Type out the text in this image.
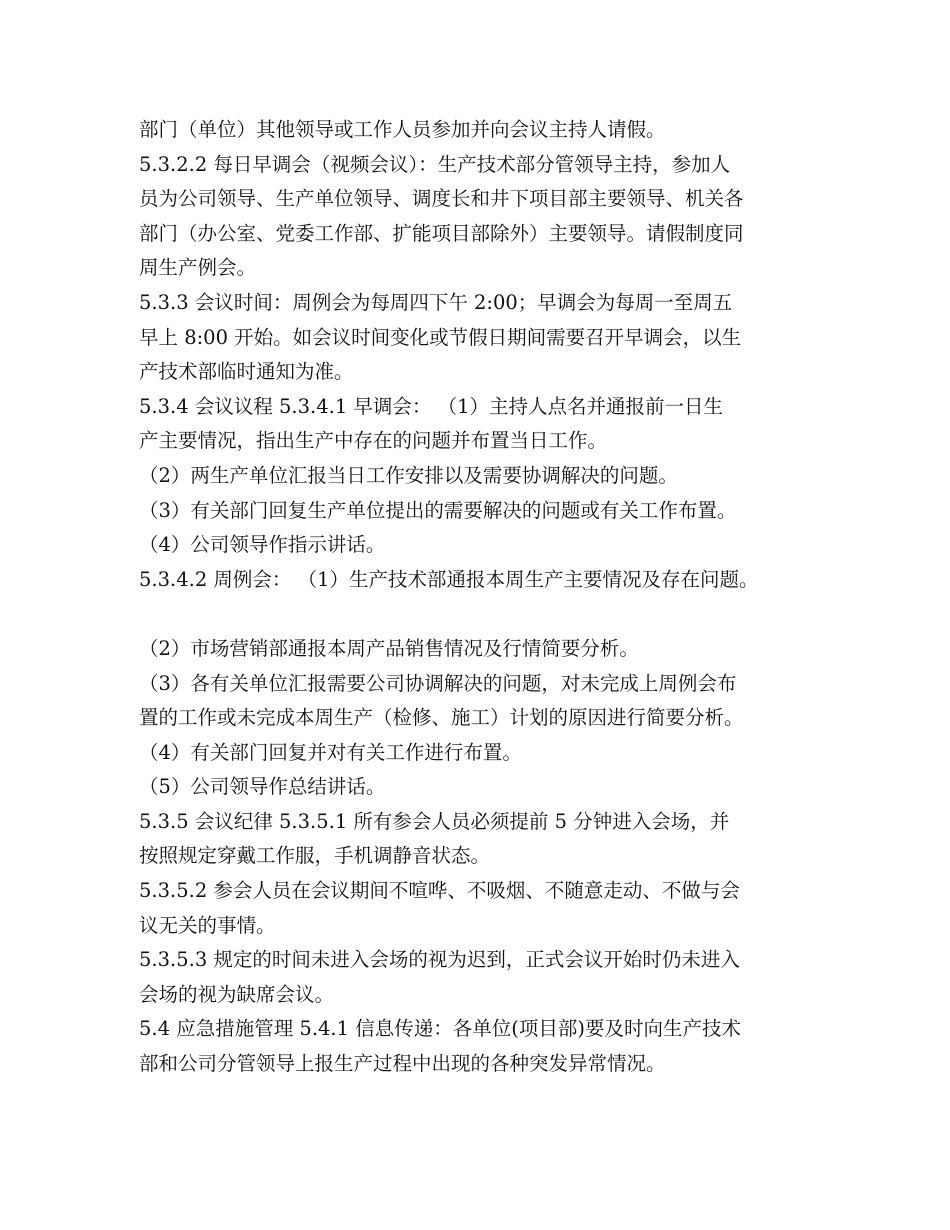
部门（单位）其他领导或工作人员参加并向会议主持人请假。
5.3.2.2 每日早调会（视频会议）：生产技术部分管领导主持，参加人
员为公司领导、生产单位领导、调度长和井下项目部主要领导、机关各
部门（办公室、党委工作部、扩能项目部除外）主要领导。请假制度同
周生产例会。
5.3.3 会议时间：周例会为每周四下午 2:00；早调会为每周一至周五
早上 8:00 开始。如会议时间变化或节假日期间需要召开早调会，以生
产技术部临时通知为准。
5.3.4 会议议程 5.3.4.1 早调会： （1）主持人点名并通报前一日生
产主要情况，指出生产中存在的问题并布置当日工作。
（2）两生产单位汇报当日工作安排以及需要协调解决的问题。
（3）有关部门回复生产单位提出的需要解决的问题或有关工作布置。
（4）公司领导作指示讲话。
5.3.4.2 周例会： （1）生产技术部通报本周生产主要情况及存在问题。
（2）市场营销部通报本周产品销售情况及行情简要分析。
（3）各有关单位汇报需要公司协调解决的问题，对未完成上周例会布
置的工作或未完成本周生产（检修、施工）计划的原因进行简要分析。
（4）有关部门回复并对有关工作进行布置。
（5）公司领导作总结讲话。
5.3.5 会议纪律 5.3.5.1 所有参会人员必须提前 5 分钟进入会场，并
按照规定穿戴工作服，手机调静音状态。
5.3.5.2 参会人员在会议期间不喧哗、不吸烟、不随意走动、不做与会
议无关的事情。
5.3.5.3 规定的时间未进入会场的视为迟到，正式会议开始时仍未进入
会场的视为缺席会议。
5.4 应急措施管理 5.4.1 信息传递：各单位(项目部)要及时向生产技术
部和公司分管领导上报生产过程中出现的各种突发异常情况。
